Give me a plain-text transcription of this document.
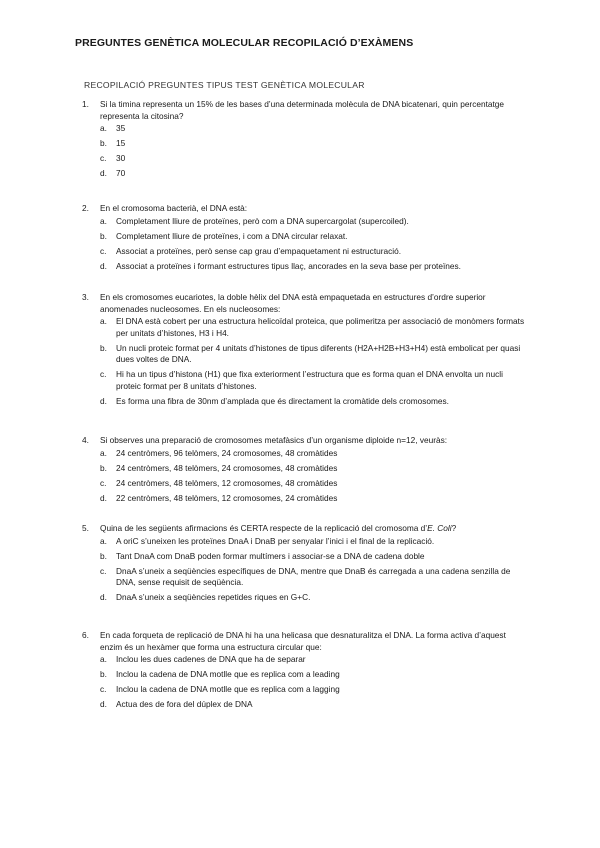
PREGUNTES GENÈTICA MOLECULAR RECOPILACIÓ D’EXÀMENS
RECOPILACIÓ PREGUNTES TIPUS TEST GENÈTICA MOLECULAR
1. Si la timina representa un 15% de les bases d’una determinada molècula de DNA bicatenari, quin percentatge representa la citosina?
a. 35
b. 15
c. 30
d. 70
2. En el cromosoma bacterià, el DNA està:
a. Completament lliure de proteïnes, però com a DNA supercargolat (supercoiled).
b. Completament lliure de proteïnes, i com a DNA circular relaxat.
c. Associat a proteïnes, però sense cap grau d’empaquetament ni estructuració.
d. Associat a proteïnes i formant estructures tipus llaç, ancorades en la seva base per proteïnes.
3. En els cromosomes eucariotes, la doble hèlix del DNA està empaquetada en estructures d’ordre superior anomenades nucleosomes. En els nucleosomes:
a. El DNA està cobert per una estructura helicoïdal proteica, que polimeritza per associació de monòmers formats per unitats d’histones, H3 i H4.
b. Un nucli proteic format per 4 unitats d’histones de tipus diferents (H2A+H2B+H3+H4) està embolicat per quasi dues voltes de DNA.
c. Hi ha un tipus d’histona (H1) que fixa exteriorment l’estructura que es forma quan el DNA envolta un nucli proteic format per 8 unitats d’histones.
d. Es forma una fibra de 30nm d’amplada que és directament la cromàtide dels cromosomes.
4. Si observes una preparació de cromosomes metafàsics d’un organisme diploide n=12, veuràs:
a. 24 centròmers, 96 telòmers, 24 cromosomes, 48 cromàtides
b. 24 centròmers, 48 telòmers, 24 cromosomes, 48 cromàtides
c. 24 centròmers, 48 telòmers, 12 cromosomes, 48 cromàtides
d. 22 centròmers, 48 telòmers, 12 cromosomes, 24 cromàtides
5. Quina de les següents afirmacions és CERTA respecte de la replicació del cromosoma d’E. Coli?
a. A oriC s’uneixen les proteïnes DnaA i DnaB per senyalar l’inici i el final de la replicació.
b. Tant DnaA com DnaB poden formar multímers i associar-se a DNA de cadena doble
c. DnaA s’uneix a seqüències específiques de DNA, mentre que DnaB és carregada a una cadena senzilla de DNA, sense requisit de seqüència.
d. DnaA s’uneix a seqüències repetides riques en G+C.
6. En cada forqueta de replicació de DNA hi ha una helicasa que desnaturalitza el DNA. La forma activa d’aquest enzim és un hexàmer que forma una estructura circular que:
a. Inclou les dues cadenes de DNA que ha de separar
b. Inclou la cadena de DNA motlle que es replica com a leading
c. Inclou la cadena de DNA motlle que es replica com a lagging
d. Actua des de fora del dúplex de DNA
